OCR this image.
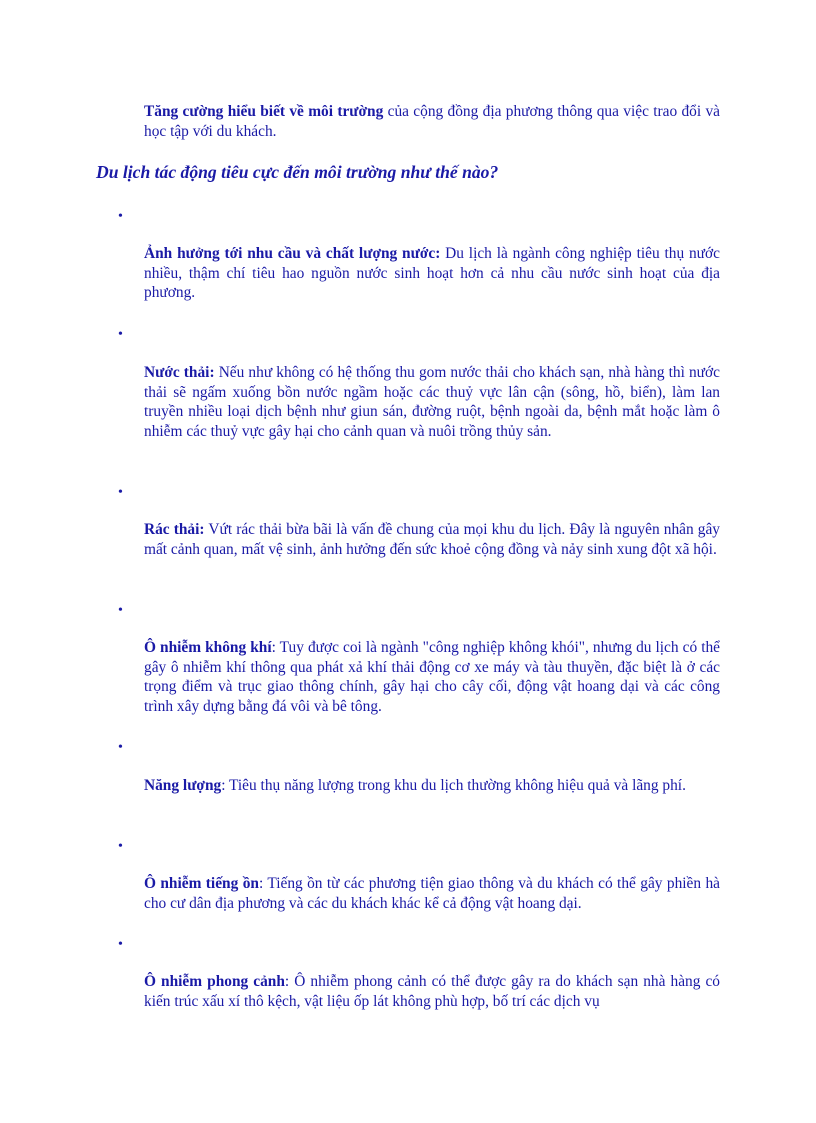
Tăng cường hiểu biết về môi trường của cộng đồng địa phương thông qua việc trao đổi và học tập với du khách.

Du lịch tác động tiêu cực đến môi trường như thế nào?
•

Ảnh hưởng tới nhu cầu và chất lượng nước: Du lịch là ngành công nghiệp tiêu thụ nước nhiều, thậm chí tiêu hao nguồn nước sinh hoạt hơn cả nhu cầu nước sinh hoạt của địa phương.

•

Nước thải: Nếu như không có hệ thống thu gom nước thải cho khách sạn, nhà hàng thì nước thải sẽ ngấm xuống bồn nước ngầm hoặc các thuỷ vực lân cận (sông, hồ, biển), làm lan truyền nhiều loại dịch bệnh như giun sán, đường ruột, bệnh ngoài da, bệnh mắt hoặc làm ô nhiễm các thuỷ vực gây hại cho cảnh quan và nuôi trồng thủy sản.

•

Rác thải: Vứt rác thải bừa bãi là vấn đề chung của mọi khu du lịch. Đây là nguyên nhân gây mất cảnh quan, mất vệ sinh, ảnh hưởng đến sức khoẻ cộng đồng và nảy sinh xung đột xã hội.

•

Ô nhiễm không khí: Tuy được coi là ngành "công nghiệp không khói", nhưng du lịch có thể gây ô nhiễm khí thông qua phát xả khí thải động cơ xe máy và tàu thuyền, đặc biệt là ở các trọng điểm và trục giao thông chính, gây hại cho cây cối, động vật hoang dại và các công trình xây dựng bằng đá vôi và bê tông.

•

Năng lượng: Tiêu thụ năng lượng trong khu du lịch thường không hiệu quả và lãng phí.

•

Ô nhiễm tiếng ồn: Tiếng ồn từ các phương tiện giao thông và du khách có thể gây phiền hà cho cư dân địa phương và các du khách khác kể cả động vật hoang dại.

•

Ô nhiễm phong cảnh: Ô nhiễm phong cảnh có thể được gây ra do khách sạn nhà hàng có kiến trúc xấu xí thô kệch, vật liệu ốp lát không phù hợp, bố trí các dịch vụ
